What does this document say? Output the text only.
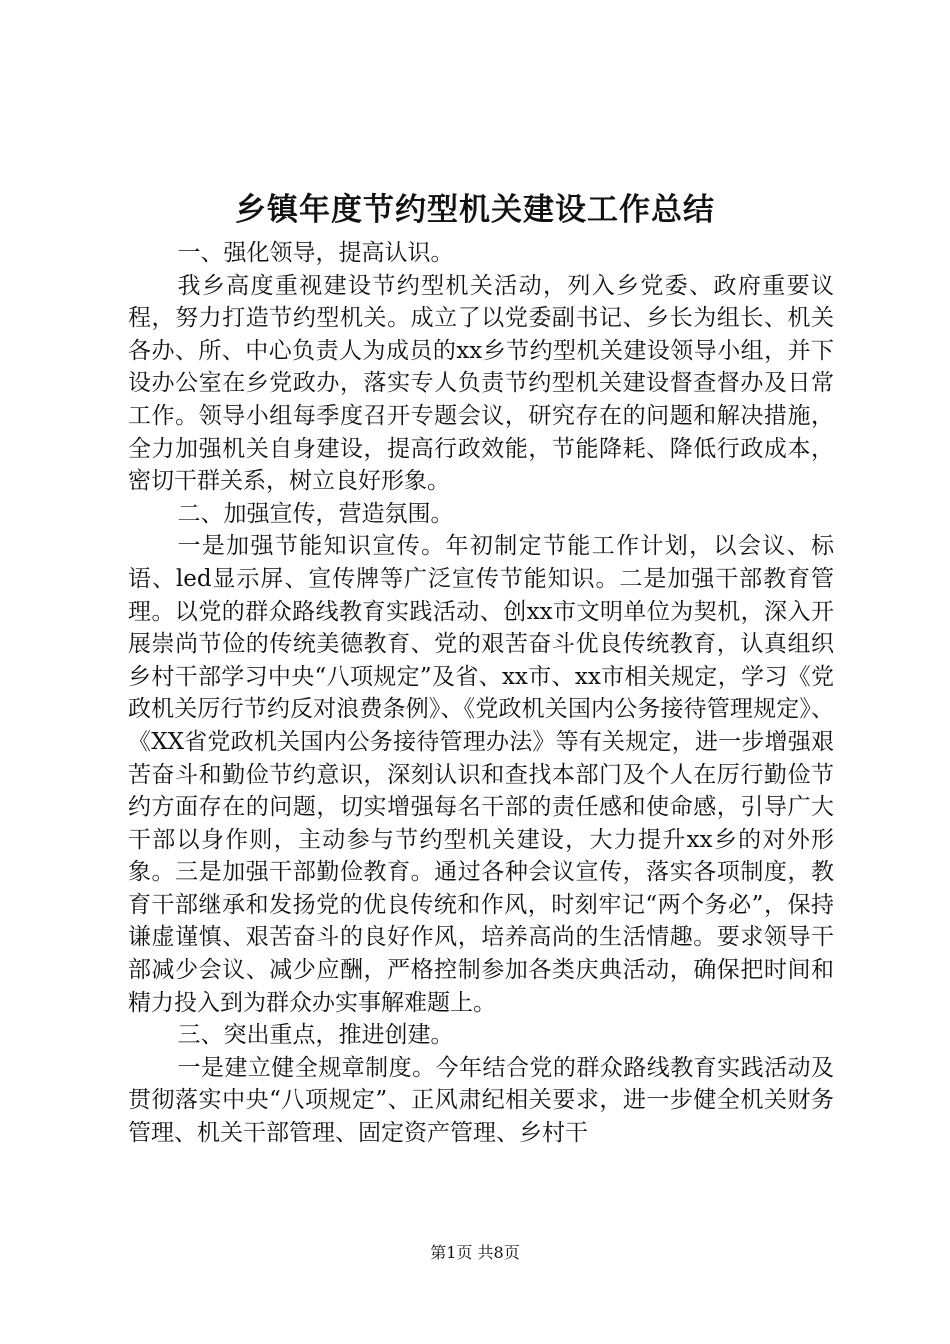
乡镇年度节约型机关建设工作总结

一、强化领导，提高认识。

我乡高度重视建设节约型机关活动，列入乡党委、政府重要议程，努力打造节约型机关。成立了以党委副书记、乡长为组长、机关各办、所、中心负责人为成员的xx乡节约型机关建设领导小组，并下设办公室在乡党政办，落实专人负责节约型机关建设督查督办及日常工作。领导小组每季度召开专题会议，研究存在的问题和解决措施，全力加强机关自身建设，提高行政效能，节能降耗、降低行政成本，密切干群关系，树立良好形象。

二、加强宣传，营造氛围。

一是加强节能知识宣传。年初制定节能工作计划，以会议、标语、led显示屏、宣传牌等广泛宣传节能知识。二是加强干部教育管理。以党的群众路线教育实践活动、创xx市文明单位为契机，深入开展崇尚节俭的传统美德教育、党的艰苦奋斗优良传统教育，认真组织乡村干部学习中央“八项规定”及省、xx市、xx市相关规定，学习《党政机关厉行节约反对浪费条例》、《党政机关国内公务接待管理规定》、《XX省党政机关国内公务接待管理办法》等有关规定，进一步增强艰苦奋斗和勤俭节约意识，深刻认识和查找本部门及个人在厉行勤俭节约方面存在的问题，切实增强每名干部的责任感和使命感，引导广大干部以身作则，主动参与节约型机关建设，大力提升xx乡的对外形象。三是加强干部勤俭教育。通过各种会议宣传，落实各项制度，教育干部继承和发扬党的优良传统和作风，时刻牢记“两个务必”，保持谦虚谨慎、艰苦奋斗的良好作风，培养高尚的生活情趣。要求领导干部减少会议、减少应酬，严格控制参加各类庆典活动，确保把时间和精力投入到为群众办实事解难题上。

三、突出重点，推进创建。

一是建立健全规章制度。今年结合党的群众路线教育实践活动及贯彻落实中央“八项规定”、正风肃纪相关要求，进一步健全机关财务管理、机关干部管理、固定资产管理、乡村干

第1页 共8页
